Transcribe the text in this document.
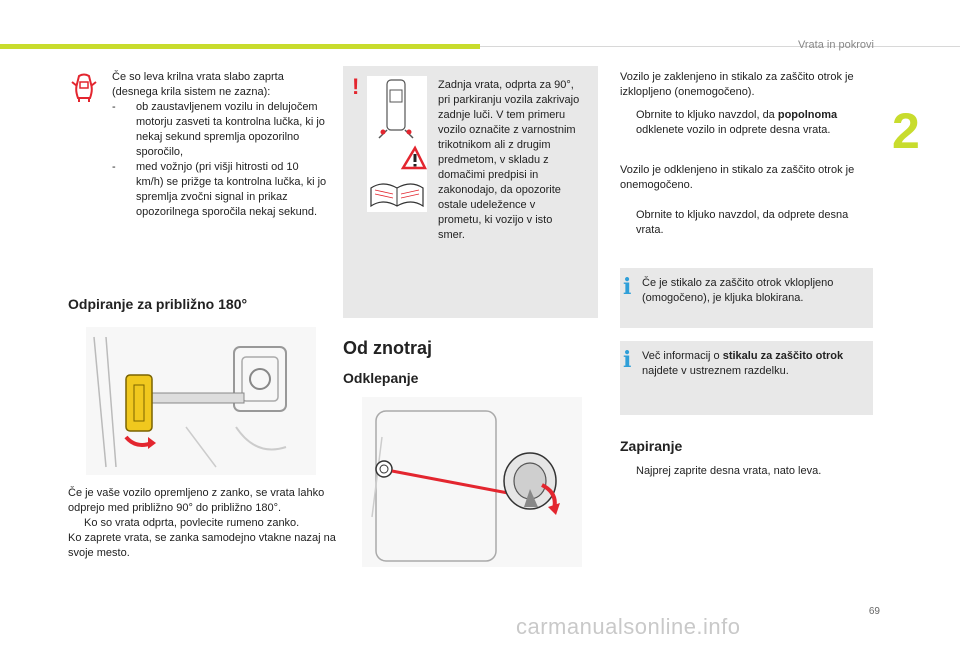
Vrata in pokrovi
2
Če so leva krilna vrata slabo zaprta (desnega krila sistem ne zazna):
-	ob zaustavljenem vozilu in delujočem motorju zasveti ta kontrolna lučka, ki jo nekaj sekund spremlja opozorilno sporočilo,
-	med vožnjo (pri višji hitrosti od 10 km/h) se prižge ta kontrolna lučka, ki jo spremlja zvočni signal in prikaz opozorilnega sporočila nekaj sekund.
Odpiranje za približno 180°
Če je vaše vozilo opremljeno z zanko, se vrata lahko odprejo med približno 90° do približno 180°.
Ko so vrata odprta, povlecite rumeno zanko.
Ko zaprete vrata, se zanka samodejno vtakne nazaj na svoje mesto.
!	Zadnja vrata, odprta za 90°, pri parkiranju vozila zakrivajo zadnje luči. V tem primeru vozilo označite z varnostnim trikotnikom ali z drugim predmetom, v skladu z domačimi predpisi in zakonodajo, da opozorite ostale udeležence v prometu, ki vozijo v isto smer.
Od znotraj
Odklepanje
Vozilo je zaklenjeno in stikalo za zaščito otrok je izklopljeno (onemogočeno).
Obrnite to kljuko navzdol, da popolnoma odklenete vozilo in odprete desna vrata.
Vozilo je odklenjeno in stikalo za zaščito otrok je onemogočeno.
Obrnite to kljuko navzdol, da odprete desna vrata.
i Če je stikalo za zaščito otrok vklopljeno (omogočeno), je kljuka blokirana.
i Več informacij o stikalu za zaščito otrok najdete v ustreznem razdelku.
Zapiranje
Najprej zaprite desna vrata, nato leva.
69
carmanualsonline.info
